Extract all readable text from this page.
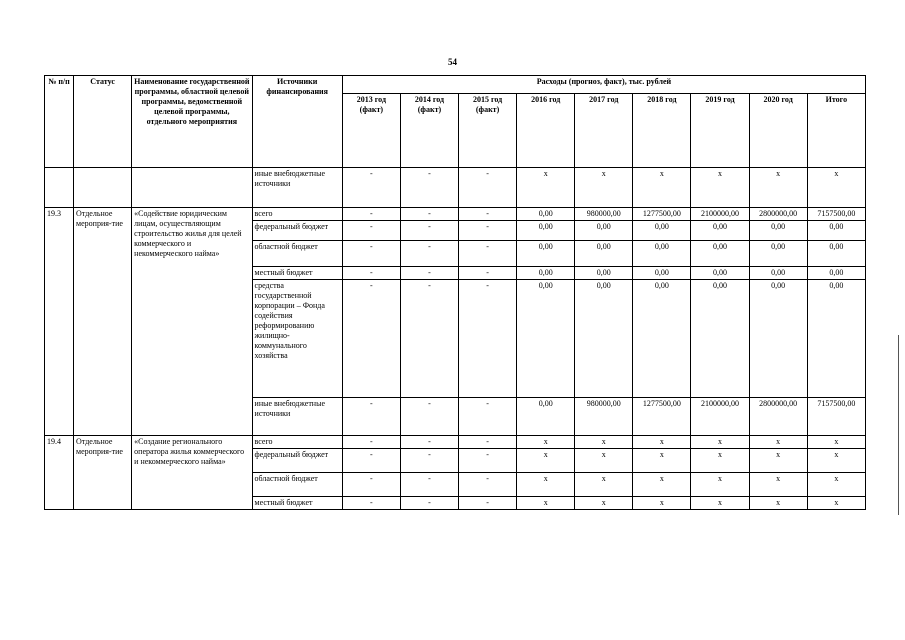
54
№ п/п	Статус	Наименование государственной программы, областной целевой программы, ведомственной целевой программы, отдельного мероприятия	Источники финансирования	Расходы (прогноз, факт), тыс. рублей								
				2013 год (факт)	2014 год (факт)	2015 год (факт)	2016 год	2017 год	2018 год	2019 год	2020 год	Итого
			иные внебюджетные источники	-	-	-	х	х	х	х	х	х
19.3	Отдельное мероприя-тие	«Содействие юридическим лицам, осуществляющим строительство жилья для целей коммерческого и некоммерческого найма»	всего	-	-	-	0,00	980000,00	1277500,00	2100000,00	2800000,00	7157500,00
			федеральный бюджет	-	-	-	0,00	0,00	0,00	0,00	0,00	0,00
			областной бюджет	-	-	-	0,00	0,00	0,00	0,00	0,00	0,00
			местный бюджет	-	-	-	0,00	0,00	0,00	0,00	0,00	0,00
			средства государственной корпорации – Фонда содействия реформированию жилищно-коммунального хозяйства	-	-	-	0,00	0,00	0,00	0,00	0,00	0,00
			иные внебюджетные источники	-	-	-	0,00	980000,00	1277500,00	2100000,00	2800000,00	7157500,00
19.4	Отдельное мероприя-тие	«Создание регионального оператора жилья коммерческого и некоммерческого найма»	всего	-	-	-	х	х	х	х	х	х
			федеральный бюджет	-	-	-	х	х	х	х	х	х
			областной бюджет	-	-	-	х	х	х	х	х	х
			местный бюджет	-	-	-	х	х	х	х	х	х
